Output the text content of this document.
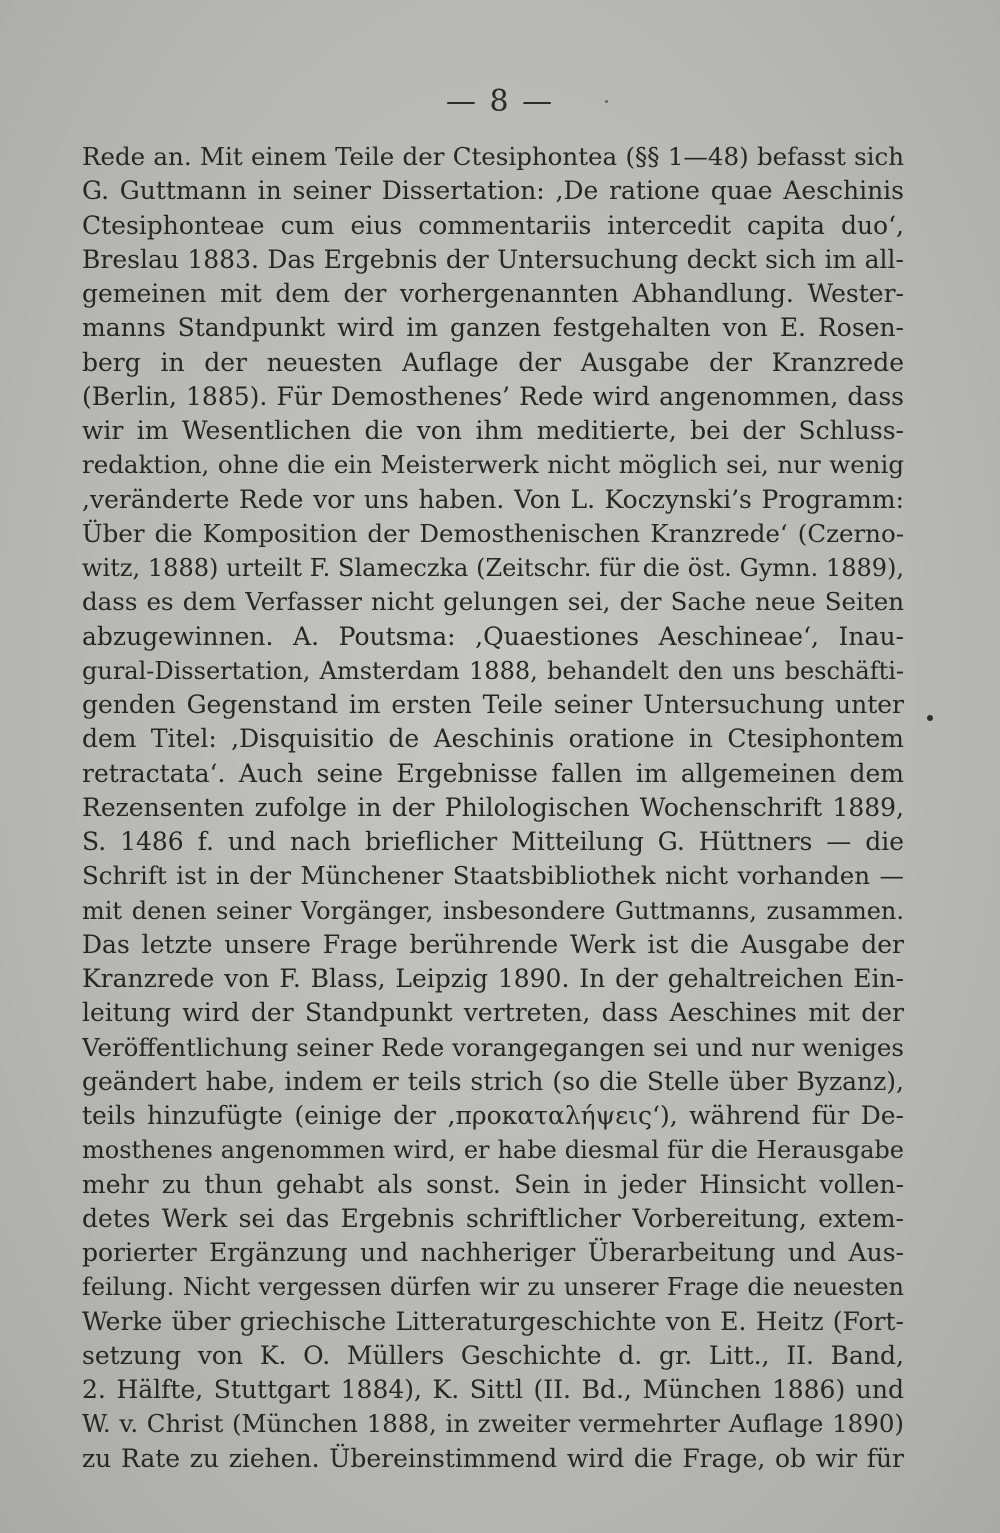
— 8 —
Rede an. Mit einem Teile der Ctesiphontea (§§ 1—48) befasst sich
G. Guttmann in seiner Dissertation: ,De ratione quae Aeschinis
Ctesiphonteae cum eius commentariis intercedit capita duo‘,
Breslau 1883. Das Ergebnis der Untersuchung deckt sich im all-
gemeinen mit dem der vorhergenannten Abhandlung. Wester-
manns Standpunkt wird im ganzen festgehalten von E. Rosen-
berg in der neuesten Auflage der Ausgabe der Kranzrede
(Berlin, 1885). Für Demosthenes’ Rede wird angenommen, dass
wir im Wesentlichen die von ihm meditierte, bei der Schluss-
redaktion, ohne die ein Meisterwerk nicht möglich sei, nur wenig
,veränderte Rede vor uns haben. Von L. Koczynski’s Programm:
Über die Komposition der Demosthenischen Kranzrede‘ (Czerno-
witz, 1888) urteilt F. Slameczka (Zeitschr. für die öst. Gymn. 1889),
dass es dem Verfasser nicht gelungen sei, der Sache neue Seiten
abzugewinnen. A. Poutsma: ,Quaestiones Aeschineae‘, Inau-
gural-Dissertation, Amsterdam 1888, behandelt den uns beschäfti-
genden Gegenstand im ersten Teile seiner Untersuchung unter
dem Titel: ,Disquisitio de Aeschinis oratione in Ctesiphontem
retractata‘. Auch seine Ergebnisse fallen im allgemeinen dem
Rezensenten zufolge in der Philologischen Wochenschrift 1889,
S. 1486 f. und nach brieflicher Mitteilung G. Hüttners — die
Schrift ist in der Münchener Staatsbibliothek nicht vorhanden —
mit denen seiner Vorgänger, insbesondere Guttmanns, zusammen.
Das letzte unsere Frage berührende Werk ist die Ausgabe der
Kranzrede von F. Blass, Leipzig 1890. In der gehaltreichen Ein-
leitung wird der Standpunkt vertreten, dass Aeschines mit der
Veröffentlichung seiner Rede vorangegangen sei und nur weniges
geändert habe, indem er teils strich (so die Stelle über Byzanz),
teils hinzufügte (einige der ,προκαταλήψεις‘), während für De-
mosthenes angenommen wird, er habe diesmal für die Herausgabe
mehr zu thun gehabt als sonst. Sein in jeder Hinsicht vollen-
detes Werk sei das Ergebnis schriftlicher Vorbereitung, extem-
porierter Ergänzung und nachheriger Überarbeitung und Aus-
feilung. Nicht vergessen dürfen wir zu unserer Frage die neuesten
Werke über griechische Litteraturgeschichte von E. Heitz (Fort-
setzung von K. O. Müllers Geschichte d. gr. Litt., II. Band,
2. Hälfte, Stuttgart 1884), K. Sittl (II. Bd., München 1886) und
W. v. Christ (München 1888, in zweiter vermehrter Auflage 1890)
zu Rate zu ziehen. Übereinstimmend wird die Frage, ob wir für
